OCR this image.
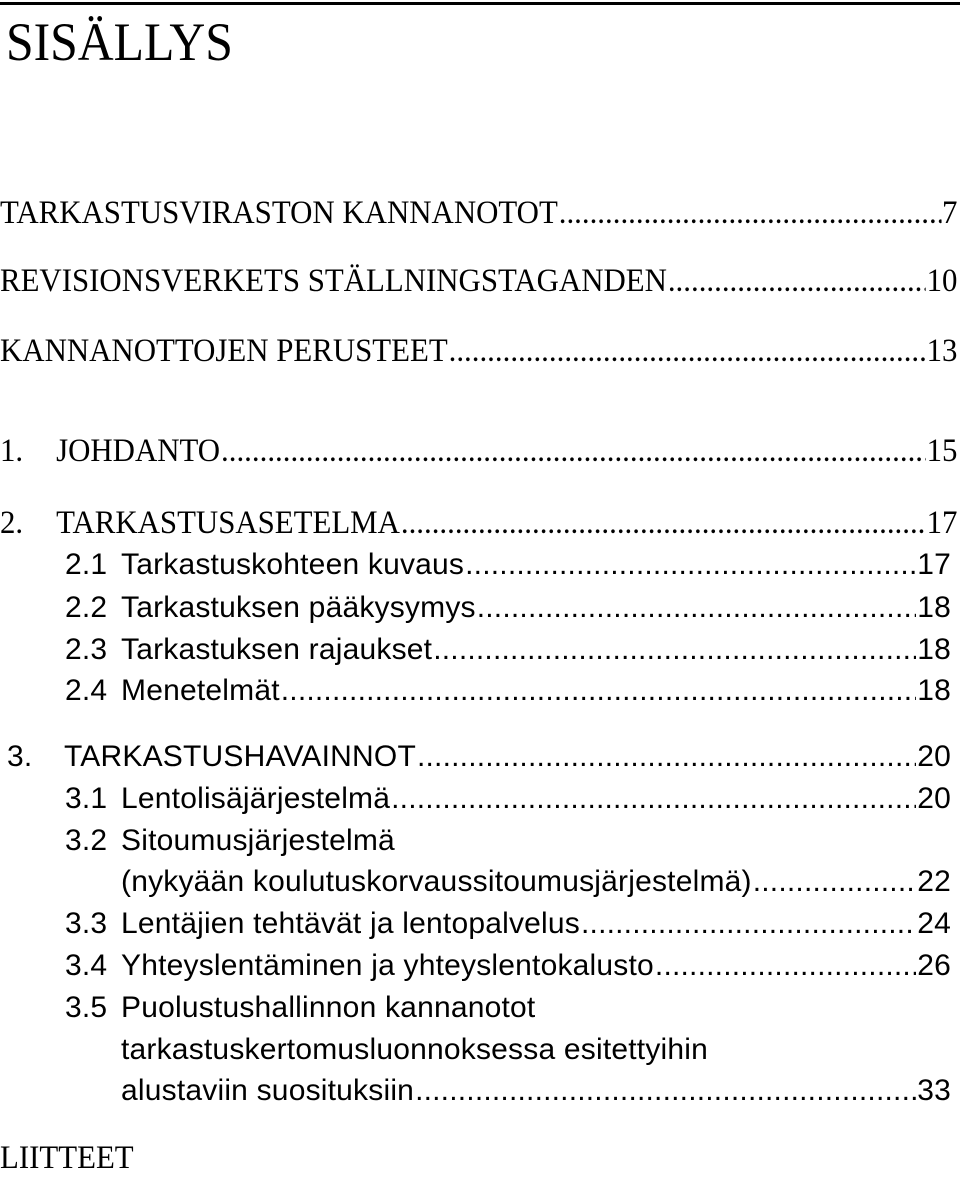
SISÄLLYS
TARKASTUSVIRASTON KANNANOTOT .....	7
REVISIONSVERKETS STÄLLNINGSTAGANDEN .....	10
KANNANOTTOJEN PERUSTEET .....	13
1. JOHDANTO .....	15
2. TARKASTUSASETELMA .....	17
2.1 Tarkastuskohteen kuvaus .....	17
2.2 Tarkastuksen pääkysymys .....	18
2.3 Tarkastuksen rajaukset .....	18
2.4 Menetelmät .....	18
3.	TARKASTUSHAVAINNOT .....	20
3.1 Lentolisäjärjestelmä .....	20
3.2 Sitoumusjärjestelmä
(nykyään koulutuskorvaussitoumusjärjestelmä) .....	22
3.3 Lentäjien tehtävät ja lentopalvelus .....	24
3.4 Yhteyslentäminen ja yhteyslentokalusto .....	26
3.5 Puolustushallinnon kannanotot
tarkastuskertomusluonnoksessa esitettyihin
alustaviin suosituksiin .....	33
LIITTEET
